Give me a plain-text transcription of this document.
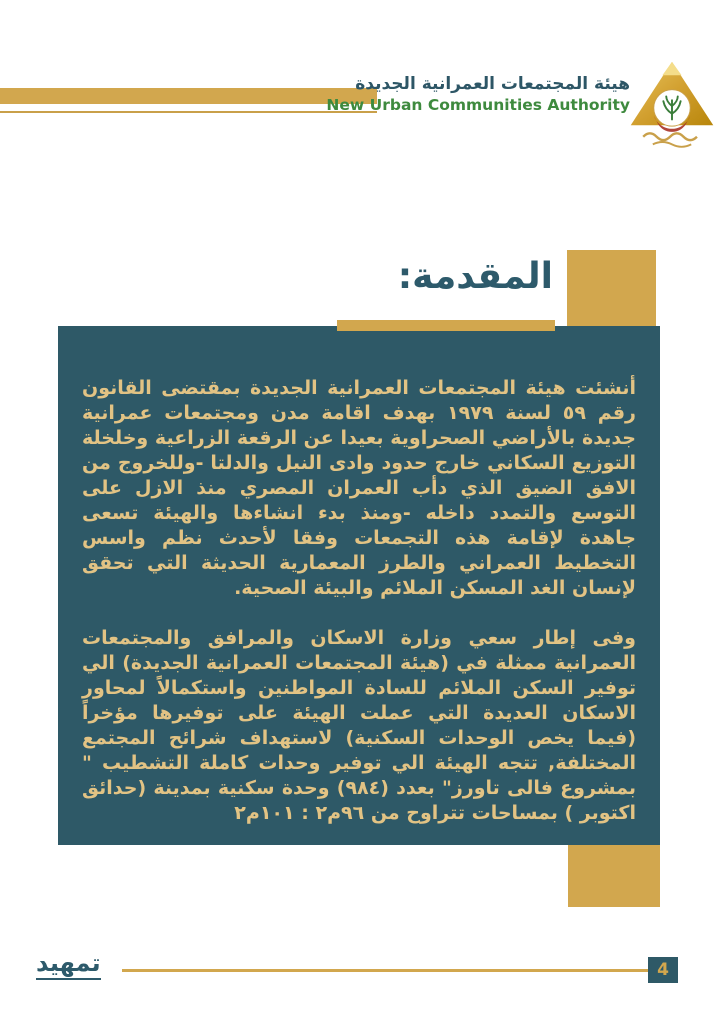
هيئة المجتمعات العمرانية الجديدة
New Urban Communities Authority
المقدمة:

أنشئت هيئة المجتمعات العمرانية الجديدة بمقتضى القانون رقم ٥٩ لسنة ١٩٧٩ بهدف اقامة مدن ومجتمعات عمرانية جديدة بالأراضي الصحراوية بعيدا عن الرقعة الزراعية وخلخلة التوزيع السكاني خارج حدود وادى النيل والدلتا -وللخروج من الافق الضيق الذي دأب العمران المصري منذ الازل على التوسع والتمدد داخله -ومنذ بدء انشاءها والهيئة تسعى جاهدة لإقامة هذه التجمعات وفقا لأحدث نظم واسس التخطيط العمراني والطرز المعمارية الحديثة التي تحقق لإنسان الغد المسكن الملائم والبيئة الصحية.

وفى إطار سعي وزارة الاسكان والمرافق والمجتمعات العمرانية ممثلة في (هيئة المجتمعات العمرانية الجديدة) الي توفير السكن الملائم للسادة المواطنين واستكمالاً لمحاور الاسكان العديدة التي عملت الهيئة على توفيرها مؤخراً (فيما يخص الوحدات السكنية) لاستهداف شرائح المجتمع المختلفة, تتجه الهيئة الي توفير وحدات كاملة التشطيب " بمشروع فالى تاورز" بعدد (٩٨٤) وحدة سكنية بمدينة (حدائق اكتوبر ) بمساحات تتراوح من ٩٦م٢ : ١٠١م٢

تمهيد	4
